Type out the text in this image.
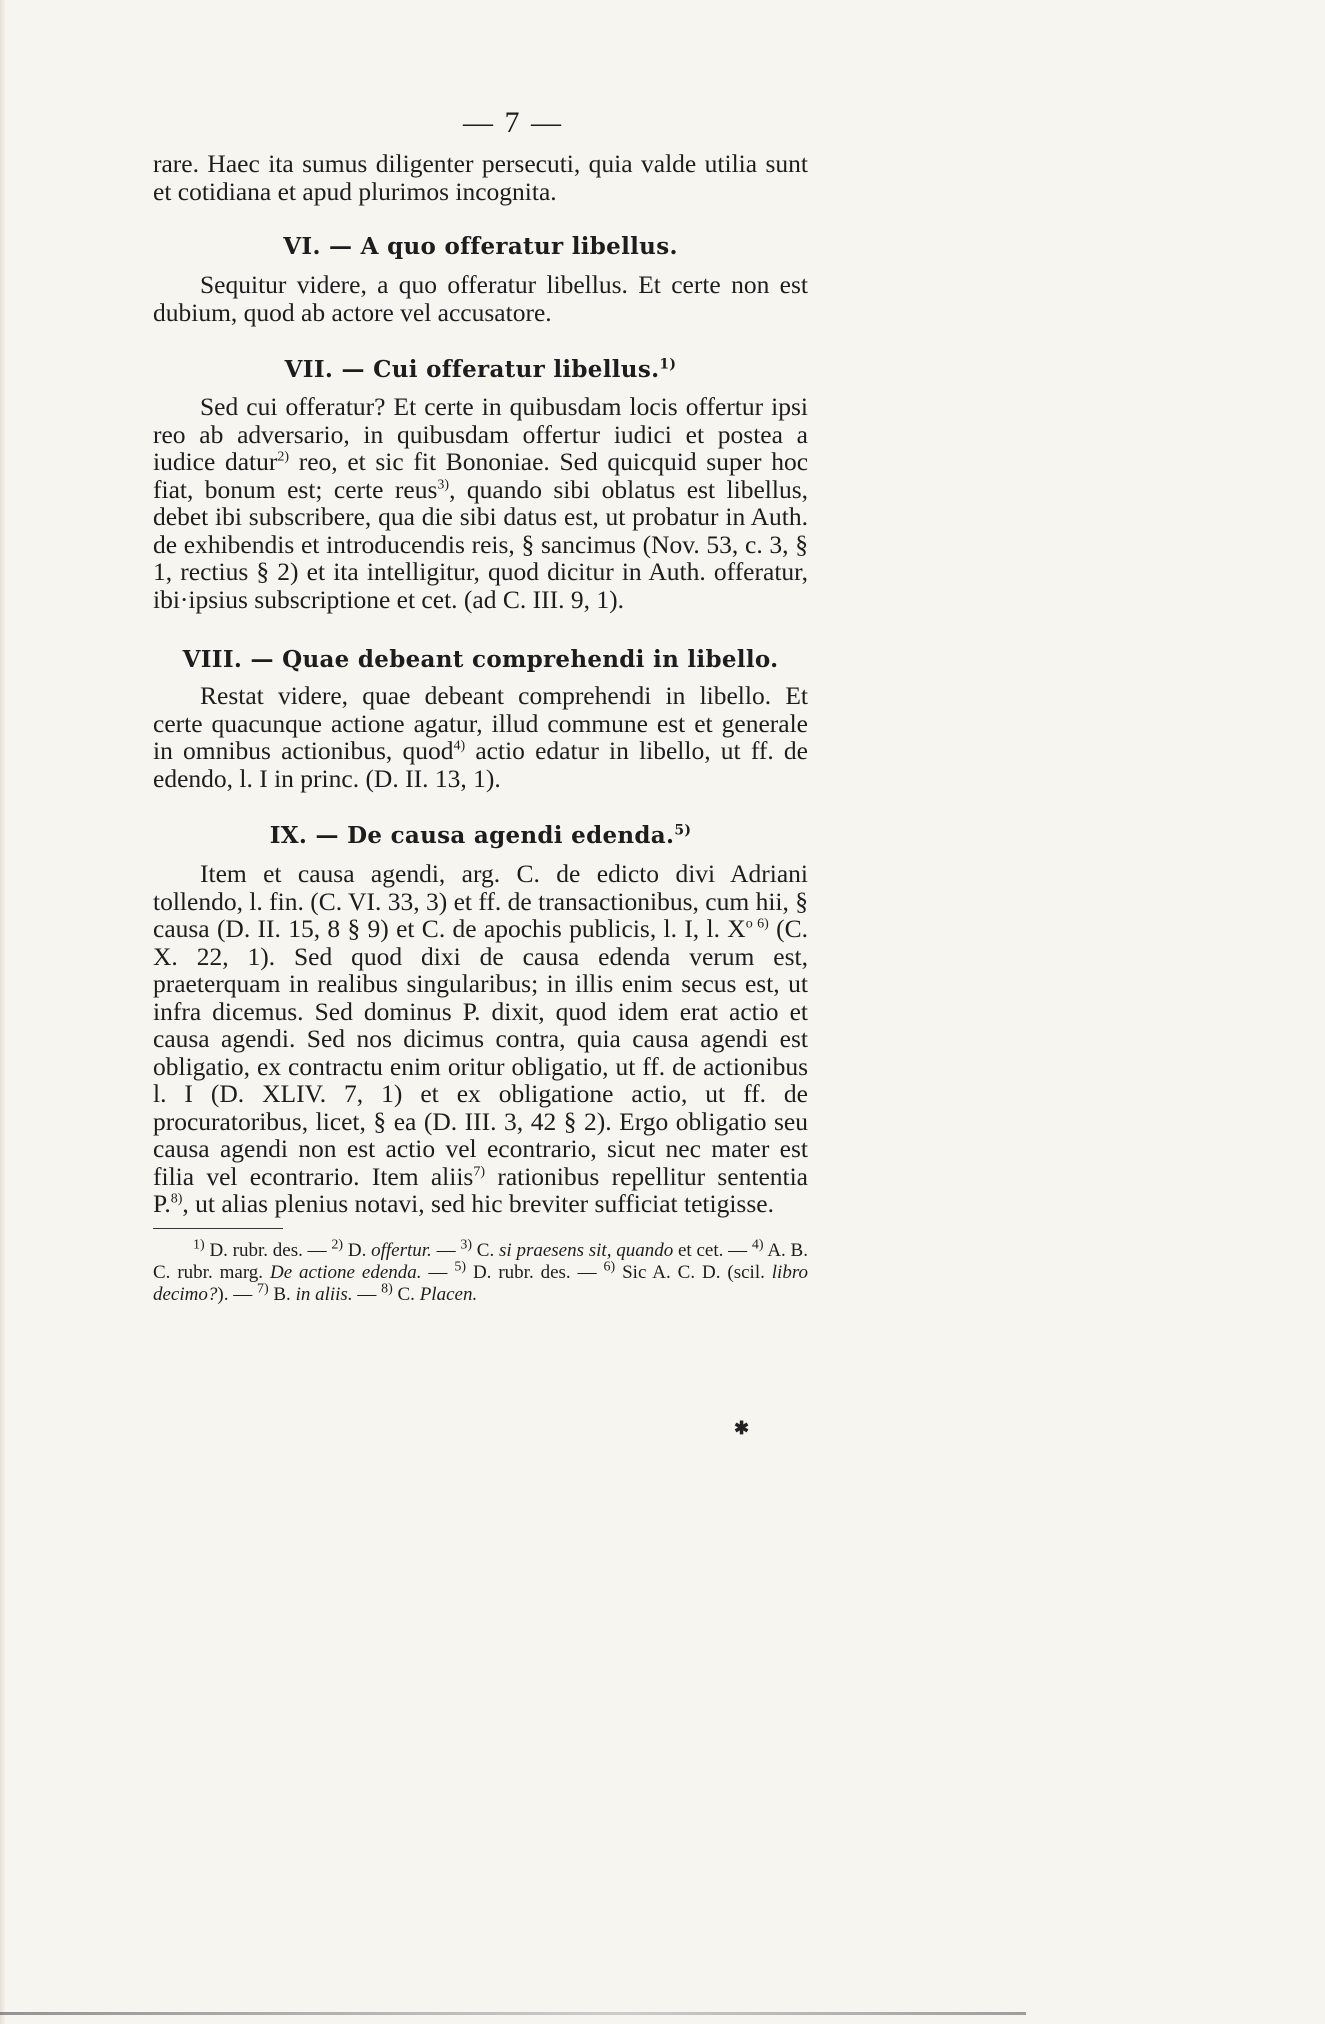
— 7 —

rare. Haec ita sumus diligenter persecuti, quia valde utilia sunt et cotidiana et apud plurimos incognita.

VI. — A quo offeratur libellus.

Sequitur videre, a quo offeratur libellus. Et certe non est dubium, quod ab actore vel accusatore.

VII. — Cui offeratur libellus.$^{1)}$

Sed cui offeratur? Et certe in quibusdam locis offertur ipsi reo ab adversario, in quibusdam offertur iudici et postea a iudice datur$^{2)}$ reo, et sic fit Bononiae. Sed quicquid super hoc fiat, bonum est; certe reus$^{3)}$, quando sibi oblatus est libellus, debet ibi subscribere, qua die sibi datus est, ut probatur in Auth. de exhibendis et introducendis reis, § sancimus (Nov. 53, c. 3, § 1, rectius § 2) et ita intelligitur, quod dicitur in Auth. offeratur, ibi·ipsius subscriptione et cet. (ad C. III. 9, 1).

VIII. — Quae debeant comprehendi in libello.

Restat videre, quae debeant comprehendi in libello. Et certe quacunque actione agatur, illud commune est et generale in omnibus actionibus, quod$^{4)}$ actio edatur in libello, ut ff. de edendo, l. I in princ. (D. II. 13, 1).

IX. — De causa agendi edenda.$^{5)}$

Item et causa agendi, arg. C. de edicto divi Adriani tollendo, l. fin. (C. VI. 33, 3) et ff. de transactionibus, cum hii, § causa (D. II. 15, 8 § 9) et C. de apochis publicis, l. I, l. $X^o$ $^{6)}$ (C. X. 22, 1). Sed quod dixi de causa edenda verum est, praeterquam in realibus singularibus; in illis enim secus est, ut infra dicemus. Sed dominus P. dixit, quod idem erat actio et causa agendi. Sed nos dicimus contra, quia causa agendi est obligatio, ex contractu enim oritur obligatio, ut ff. de actionibus l. I (D. XLIV. 7, 1) et ex obligatione actio, ut ff. de procuratoribus, licet, § ea (D. III. 3, 42 § 2). Ergo obligatio seu causa agendi non est actio vel econtrario, sicut nec mater est filia vel econtrario. Item aliis$^{7)}$ rationibus repellitur sententia P.$^{8)}$, ut alias plenius notavi, sed hic breviter sufficiat tetigisse.

$^{1)}$ D. rubr. des. — $^{2)}$ D. offertur. — $^{3)}$ C. si praesens sit, quando et cet. — $^{4)}$ A. B. C. rubr. marg. De actione edenda. — $^{5)}$ D. rubr. des. — $^{6)}$ Sic A. C. D. (scil. libro decimo?). — $^{7)}$ B. in aliis. — $^{8)}$ C. Placen.

✱
